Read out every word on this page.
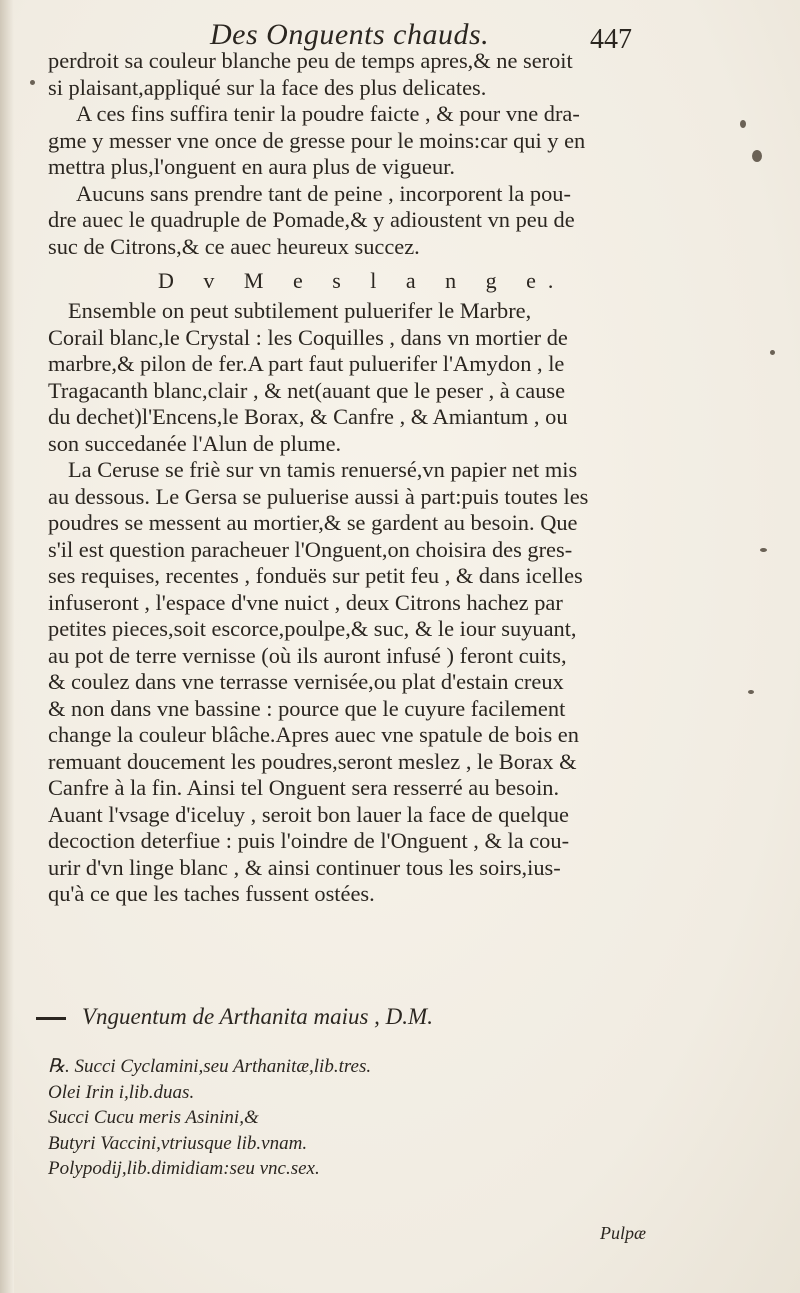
Des Onguents chauds.	447
perdroit sa couleur blanche peu de temps apres,& ne seroit
si plaisant,appliqué sur la face des plus delicates.
A ces fins suffira tenir la poudre faicte , & pour vne dra-
gme y messer vne once de gresse pour le moins:car qui y en
mettra plus,l'onguent en aura plus de vigueur.
Aucuns sans prendre tant de peine , incorporent la pou-
dre auec le quadruple de Pomade,& y adioustent vn peu de
suc de Citrons,& ce auec heureux succez.
D v M e s l a n g e.
Ensemble on peut subtilement puluerifer le Marbre,
Corail blanc,le Crystal : les Coquilles , dans vn mortier de
marbre,& pilon de fer.A part faut puluerifer l'Amydon , le
Tragacanth blanc,clair , & net(auant que le peser , à cause
du dechet)l'Encens,le Borax, & Canfre , & Amiantum , ou
son succedanée l'Alun de plume.
La Ceruse se friè sur vn tamis renuersé,vn papier net mis
au dessous. Le Gersa se puluerise aussi à part:puis toutes les
poudres se messent au mortier,& se gardent au besoin. Que
s'il est question paracheuer l'Onguent,on choisira des gres-
ses requises, recentes , fonduës sur petit feu , & dans icelles
infuseront , l'espace d'vne nuict , deux Citrons hachez par
petites pieces,soit escorce,poulpe,& suc, & le iour suyuant,
au pot de terre vernisse (où ils auront infusé ) feront cuits,
& coulez dans vne terrasse vernisée,ou plat d'estain creux
& non dans vne bassine : pource que le cuyure facilement
change la couleur blâche.Apres auec vne spatule de bois en
remuant doucement les poudres,seront meslez , le Borax &
Canfre à la fin. Ainsi tel Onguent sera resserré au besoin.
Auant l'vsage d'iceluy , seroit bon lauer la face de quelque
decoction deterfiue : puis l'oindre de l'Onguent , & la cou-
urir d'vn linge blanc , & ainsi continuer tous les soirs,ius-
qu'à ce que les taches fussent ostées.
Vnguentum de Arthanita maius , D.M.
℞. Succi Cyclamini,seu Arthanitæ,lib.tres.
Olei Irin i,lib.duas.
Succi Cucu meris Asinini,&
Butyri Vaccini,vtriusque lib.vnam.
Polypodij,lib.dimidiam:seu vnc.sex.
Pulpæ
